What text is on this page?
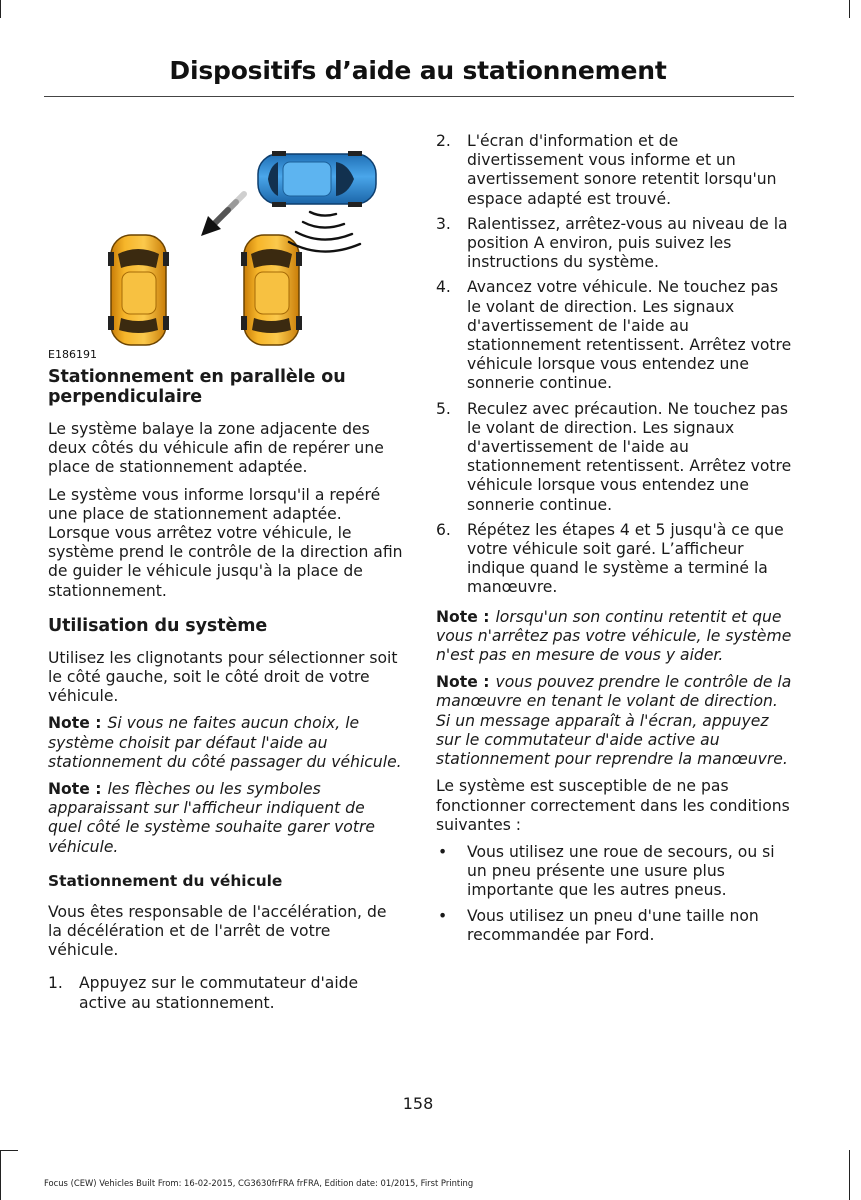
Dispositifs d’aide au stationnement
E186191
Stationnement en parallèle ou perpendiculaire

Le système balaye la zone adjacente des deux côtés du véhicule afin de repérer une place de stationnement adaptée.

Le système vous informe lorsqu'il a repéré une place de stationnement adaptée. Lorsque vous arrêtez votre véhicule, le système prend le contrôle de la direction afin de guider le véhicule jusqu'à la place de stationnement.

Utilisation du système

Utilisez les clignotants pour sélectionner soit le côté gauche, soit le côté droit de votre véhicule.

Note : Si vous ne faites aucun choix, le système choisit par défaut l'aide au stationnement du côté passager du véhicule.

Note : les flèches ou les symboles apparaissant sur l'afficheur indiquent de quel côté le système souhaite garer votre véhicule.

Stationnement du véhicule

Vous êtes responsable de l'accélération, de la décélération et de l'arrêt de votre véhicule.

1. Appuyez sur le commutateur d'aide active au stationnement.
2. L'écran d'information et de divertissement vous informe et un avertissement sonore retentit lorsqu'un espace adapté est trouvé.
3. Ralentissez, arrêtez-vous au niveau de la position A environ, puis suivez les instructions du système.
4. Avancez votre véhicule. Ne touchez pas le volant de direction. Les signaux d'avertissement de l'aide au stationnement retentissent. Arrêtez votre véhicule lorsque vous entendez une sonnerie continue.
5. Reculez avec précaution. Ne touchez pas le volant de direction. Les signaux d'avertissement de l'aide au stationnement retentissent. Arrêtez votre véhicule lorsque vous entendez une sonnerie continue.
6. Répétez les étapes 4 et 5 jusqu'à ce que votre véhicule soit garé. L’afficheur indique quand le système a terminé la manœuvre.

Note : lorsqu'un son continu retentit et que vous n'arrêtez pas votre véhicule, le système n'est pas en mesure de vous y aider.

Note : vous pouvez prendre le contrôle de la manœuvre en tenant le volant de direction. Si un message apparaît à l'écran, appuyez sur le commutateur d'aide active au stationnement pour reprendre la manœuvre.

Le système est susceptible de ne pas fonctionner correctement dans les conditions suivantes :

• Vous utilisez une roue de secours, ou si un pneu présente une usure plus importante que les autres pneus.
• Vous utilisez un pneu d'une taille non recommandée par Ford.
158
Focus (CEW) Vehicles Built From: 16-02-2015, CG3630frFRA frFRA, Edition date: 01/2015, First Printing
